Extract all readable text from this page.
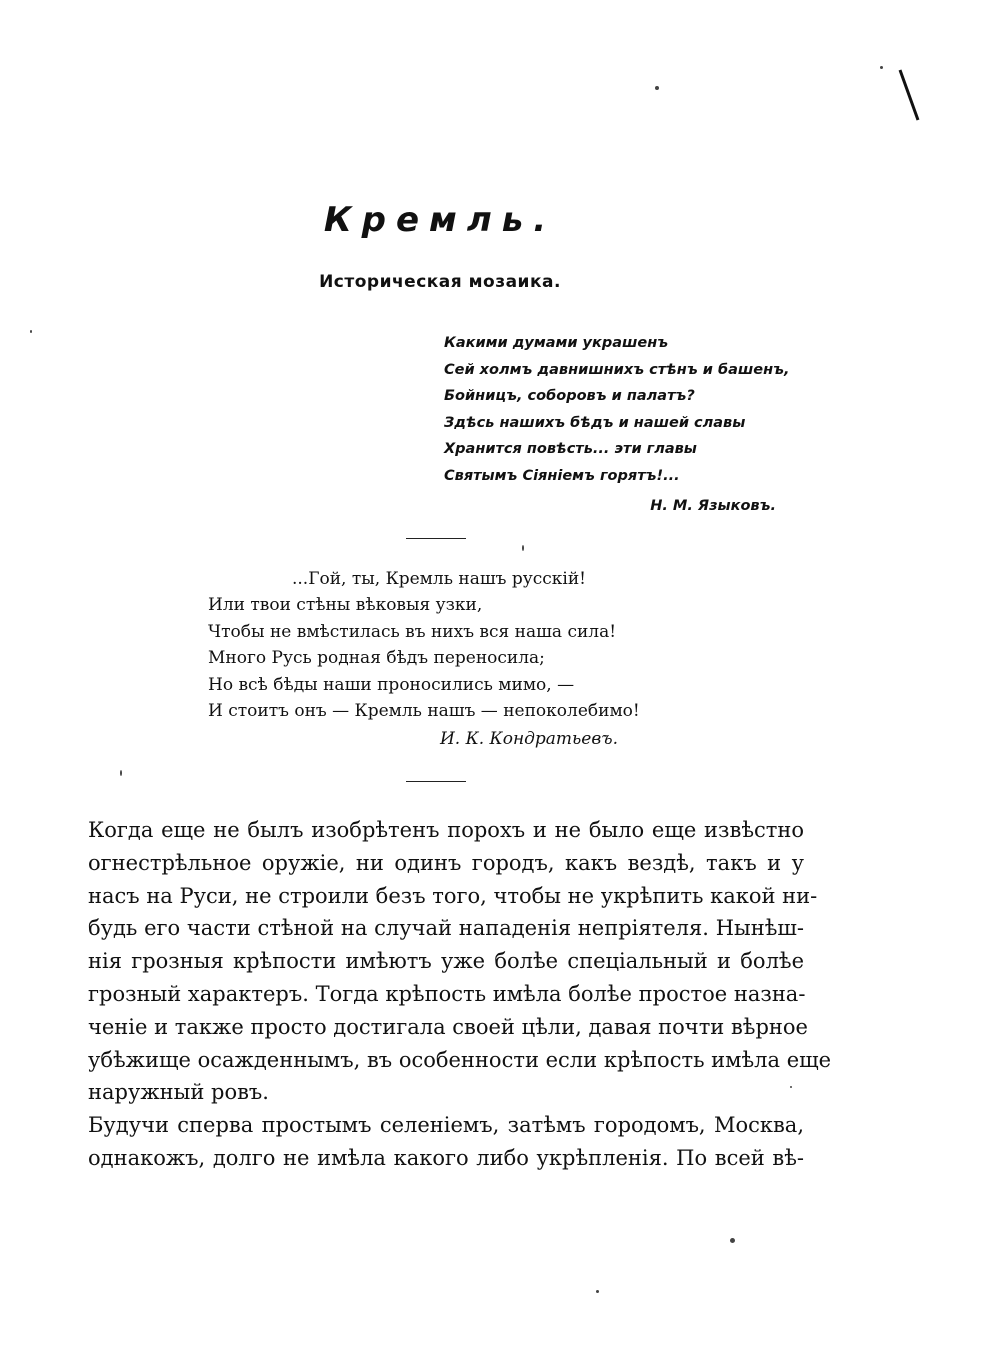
Кремль.
Историческая мозаика.
Какими думами украшенъ
Сей холмъ давнишнихъ стѣнъ и башенъ,
Бойницъ, соборовъ и палатъ?
Здѣсь нашихъ бѣдъ и нашей славы
Хранится повѣсть... эти главы
Святымъ Сіяніемъ горятъ!...
Н. М. Языковъ.
...Гой, ты, Кремль нашъ русскій!
Или твои стѣны вѣковыя узки,
Чтобы не вмѣстилась въ нихъ вся наша сила!
Много Русь родная бѣдъ переносила;
Но всѣ бѣды наши проносились мимо, —
И стоитъ онъ — Кремль нашъ — непоколебимо!
И. К. Кондратьевъ.

Когда еще не былъ изобрѣтенъ порохъ и не было еще извѣстно
огнестрѣльное оружіе, ни одинъ городъ, какъ вездѣ, такъ и у
насъ на Руси, не строили безъ того, чтобы не укрѣпить какой ни-
будь его части стѣной на случай нападенія непріятеля. Нынѣш-
нія грозныя крѣпости имѣютъ уже болѣе спеціальный и болѣе
грозный характеръ. Тогда крѣпость имѣла болѣе простое назна-
ченіе и также просто достигала своей цѣли, давая почти вѣрное
убѣжище осажденнымъ, въ особенности если крѣпость имѣла еще
наружный ровъ.

Будучи сперва простымъ селеніемъ, затѣмъ городомъ, Москва,
однакожъ, долго не имѣла какого либо укрѣпленія. По всей вѣ-
